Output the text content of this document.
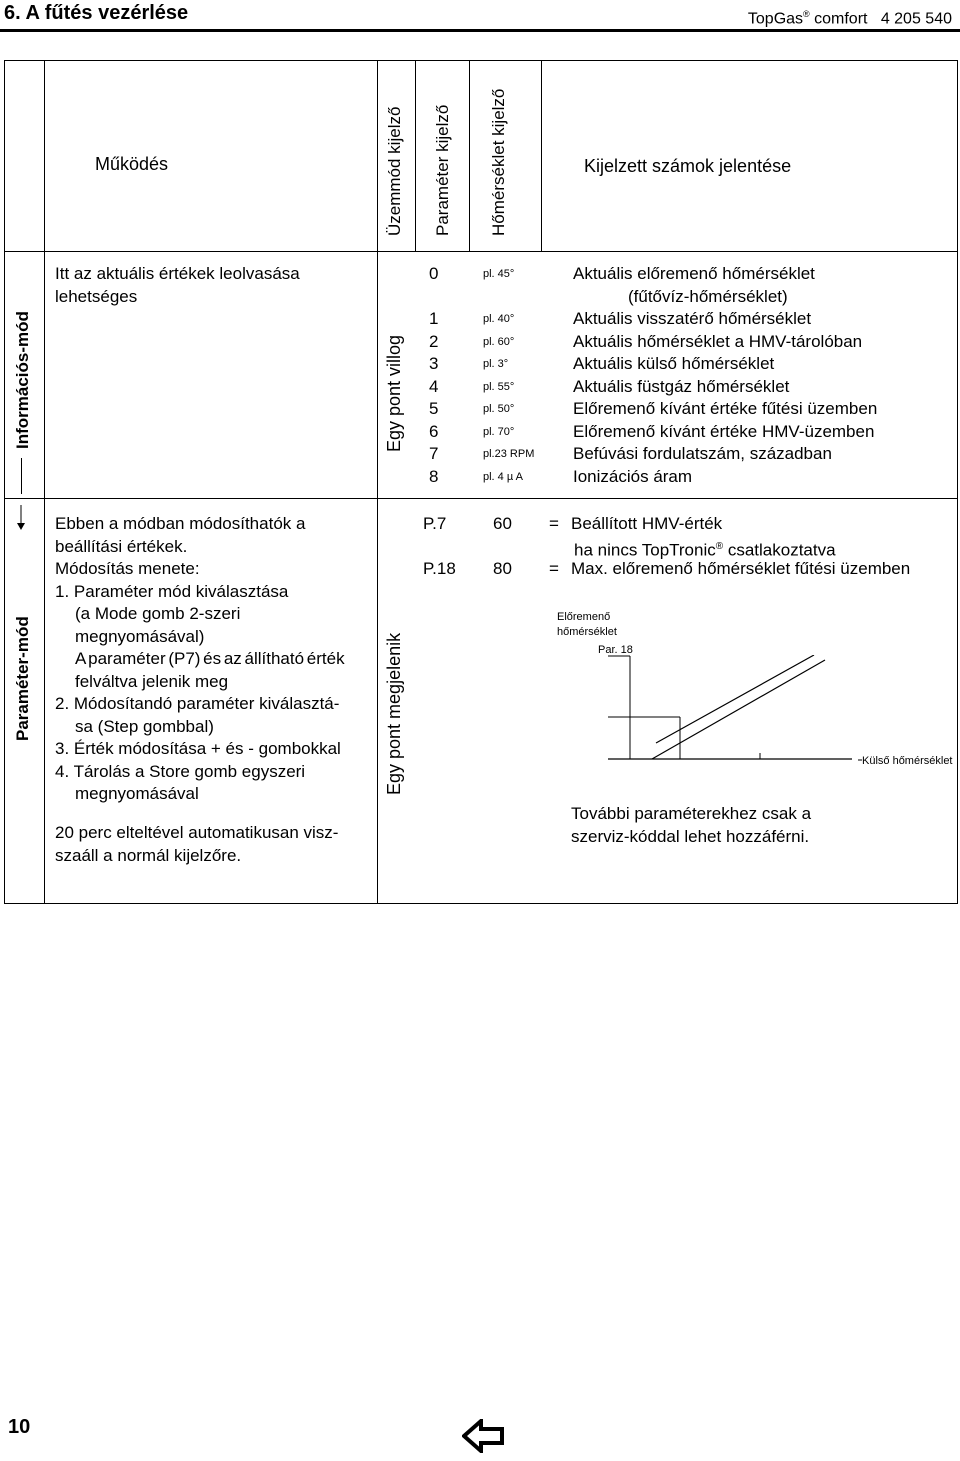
6. A fűtés vezérlése	TopGas® comfort 4 205 540
Működés	Üzemmód kijelző Paraméter kijelző Hőmérséklet kijelző	Kijelzett számok jelentése
Információs-mód
Itt az aktuális értékek leolvasása
lehetséges
Egy pont villog
0	pl. 45°	Aktuális előremenő hőmérséklet
(fűtővíz-hőmérséklet)
1	pl. 40°	Aktuális visszatérő hőmérséklet
2	pl. 60°	Aktuális hőmérséklet a HMV-tárolóban
3	pl. 3°	Aktuális külső hőmérséklet
4	pl. 55°	Aktuális füstgáz hőmérséklet
5	pl. 50°	Előremenő kívánt értéke fűtési üzemben
6	pl. 70°	Előremenő kívánt értéke HMV-üzemben
7	pl.23 RPM Befúvási fordulatszám, században
8	pl. 4 µ A	Ionizációs áram
Paraméter-mód
Ebben a módban módosíthatók a
beállítási értékek.
Módosítás menete:
1. Paraméter mód kiválasztása
(a Mode gomb 2-szeri
megnyomásával)
A paraméter (P7) és az állítható érték
felváltva jelenik meg
2. Módosítandó paraméter kiválasztá-
sa (Step gombbal)
3. Érték módosítása + és - gombokkal
4. Tárolás a Store gomb egyszeri
megnyomásával
20 perc elteltével automatikusan visz-
szaáll a normál kijelzőre.
Egy pont megjelenik
P.7	60 = Beállított HMV-érték
ha nincs TopTronic® csatlakoztatva
P.18 80 = Max. előremenő hőmérséklet fűtési üzemben
Előremenő
hőmérséklet
Par. 18
Külső hőmérséklet
További paraméterekhez csak a
szerviz-kóddal lehet hozzáférni.
10
